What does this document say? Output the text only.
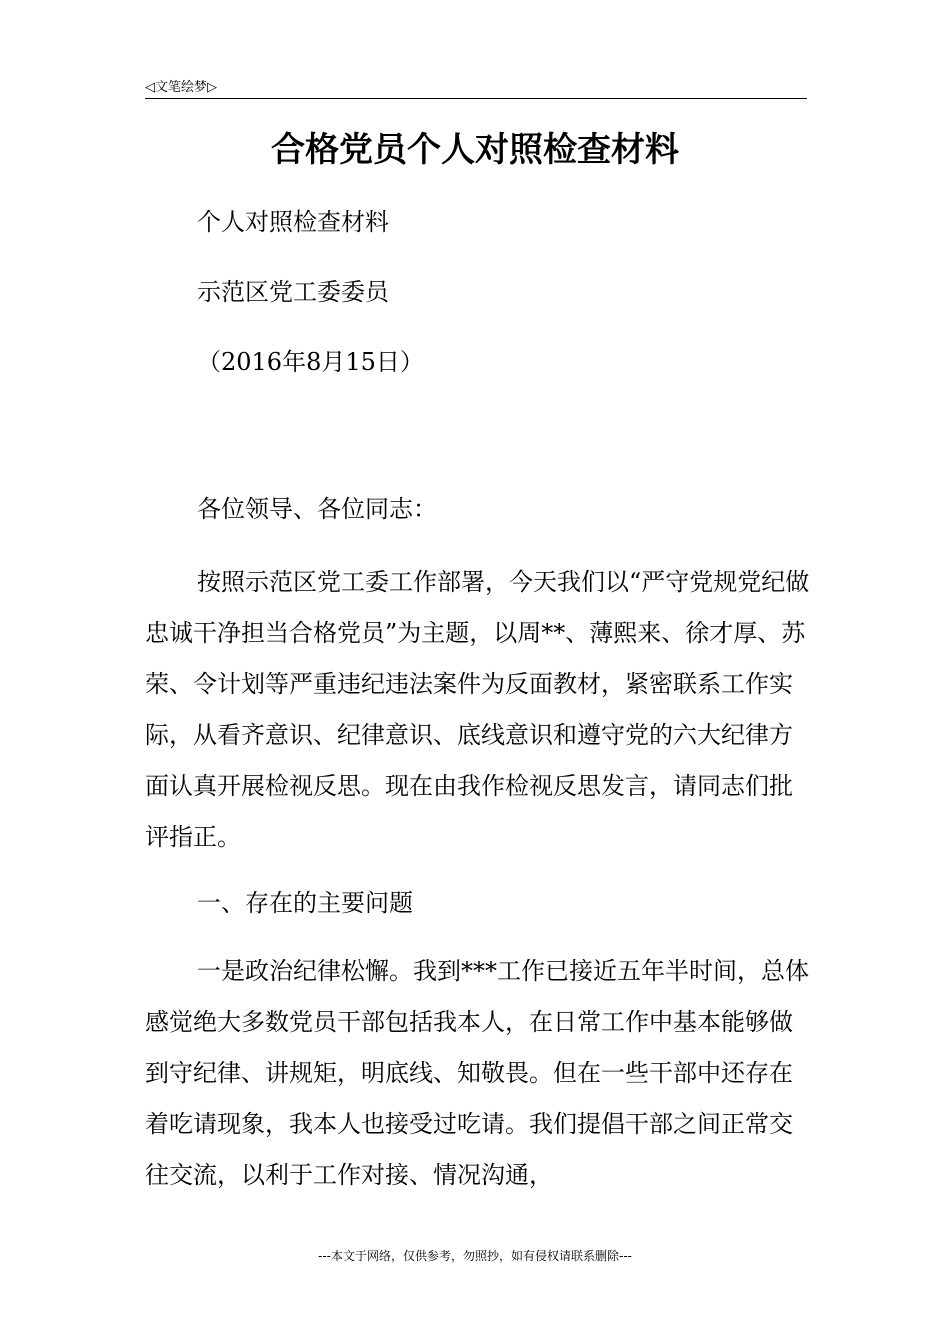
◁文笔绘梦▷
合格党员个人对照检查材料
个人对照检查材料
示范区党工委委员
（2016年8月15日）
各位领导、各位同志：

按照示范区党工委工作部署，今天我们以“严守党规党纪做忠诚干净担当合格党员”为主题，以周**、薄熙来、徐才厚、苏荣、令计划等严重违纪违法案件为反面教材，紧密联系工作实际，从看齐意识、纪律意识、底线意识和遵守党的六大纪律方面认真开展检视反思。现在由我作检视反思发言，请同志们批评指正。

一、存在的主要问题

一是政治纪律松懈。我到***工作已接近五年半时间，总体感觉绝大多数党员干部包括我本人，在日常工作中基本能够做到守纪律、讲规矩，明底线、知敬畏。但在一些干部中还存在着吃请现象，我本人也接受过吃请。我们提倡干部之间正常交往交流，以利于工作对接、情况沟通，

---本文于网络，仅供参考，勿照抄，如有侵权请联系删除---
